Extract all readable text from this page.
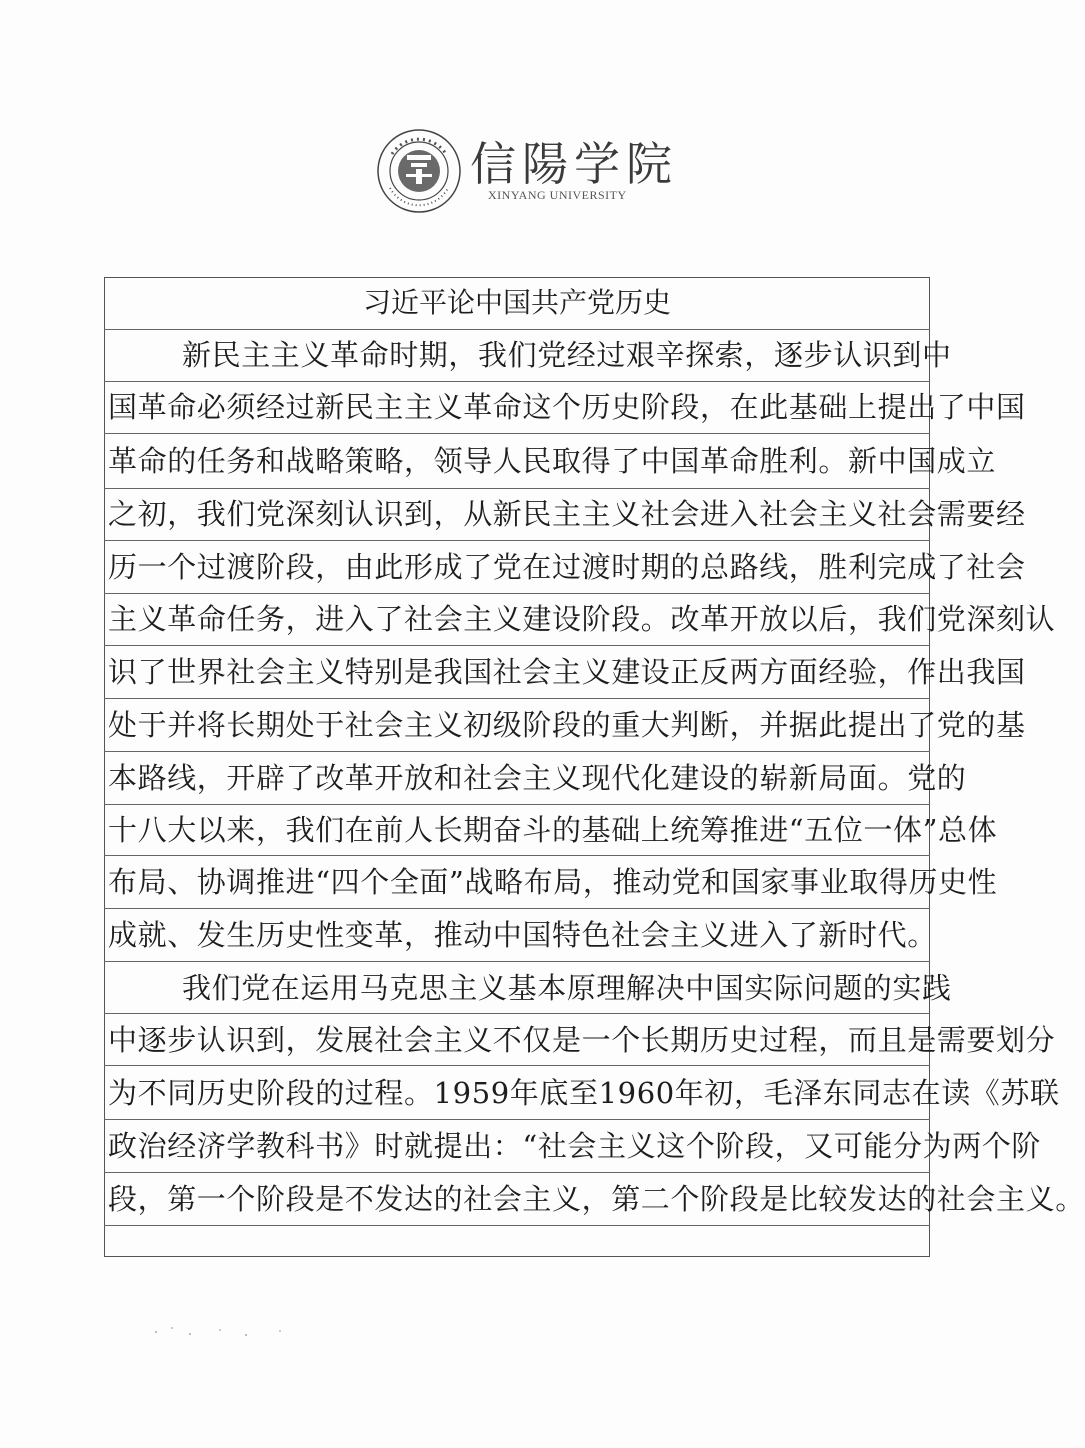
信陽学院
XINYANG UNIVERSITY
习近平论中国共产党历史
新民主主义革命时期，我们党经过艰辛探索，逐步认识到中
国革命必须经过新民主主义革命这个历史阶段，在此基础上提出了中国
革命的任务和战略策略，领导人民取得了中国革命胜利。新中国成立
之初，我们党深刻认识到，从新民主主义社会进入社会主义社会需要经
历一个过渡阶段，由此形成了党在过渡时期的总路线，胜利完成了社会
主义革命任务，进入了社会主义建设阶段。改革开放以后，我们党深刻认
识了世界社会主义特别是我国社会主义建设正反两方面经验，作出我国
处于并将长期处于社会主义初级阶段的重大判断，并据此提出了党的基
本路线，开辟了改革开放和社会主义现代化建设的崭新局面。党的
十八大以来，我们在前人长期奋斗的基础上统筹推进“五位一体”总体
布局、协调推进“四个全面”战略布局，推动党和国家事业取得历史性
成就、发生历史性变革，推动中国特色社会主义进入了新时代。
我们党在运用马克思主义基本原理解决中国实际问题的实践
中逐步认识到，发展社会主义不仅是一个长期历史过程，而且是需要划分
为不同历史阶段的过程。1959年底至1960年初，毛泽东同志在读《苏联
政治经济学教科书》时就提出：“社会主义这个阶段，又可能分为两个阶
段，第一个阶段是不发达的社会主义，第二个阶段是比较发达的社会主义。
